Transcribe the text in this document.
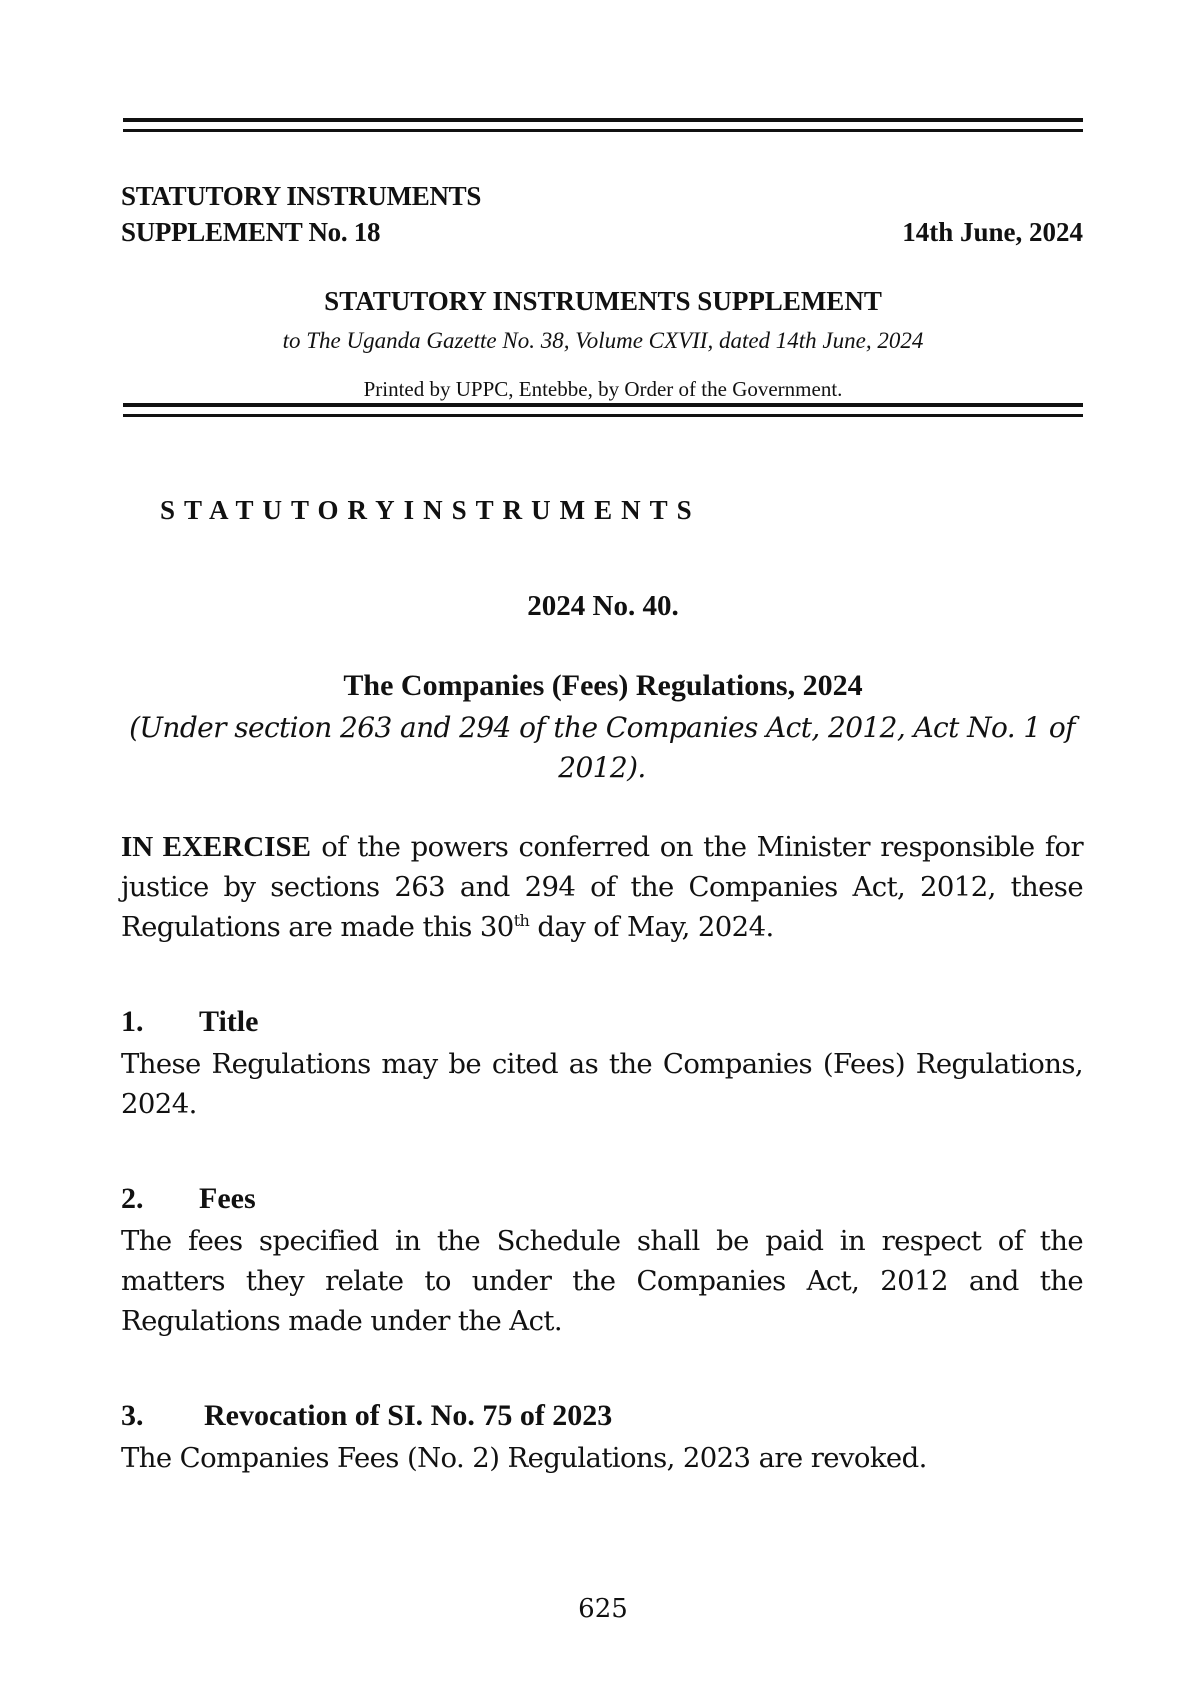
STATUTORY INSTRUMENTS
SUPPLEMENT No. 18	14th June, 2024
STATUTORY INSTRUMENTS SUPPLEMENT
to The Uganda Gazette No. 38, Volume CXVII, dated 14th June, 2024
Printed by UPPC, Entebbe, by Order of the Government.
STATUTORYINSTRUMENTS
2024 No. 40.
The Companies (Fees) Regulations, 2024
(Under section 263 and 294 of the Companies Act, 2012, Act No. 1 of 2012).

IN EXERCISE of the powers conferred on the Minister responsible for justice by sections 263 and 294 of the Companies Act, 2012, these Regulations are made this 30th day of May, 2024.

1.	Title

These Regulations may be cited as the Companies (Fees) Regulations, 2024.

2.	Fees

The fees specified in the Schedule shall be paid in respect of the matters they relate to under the Companies Act, 2012 and the Regulations made under the Act.

3.	Revocation of SI. No. 75 of 2023

The Companies Fees (No. 2) Regulations, 2023 are revoked.

625
